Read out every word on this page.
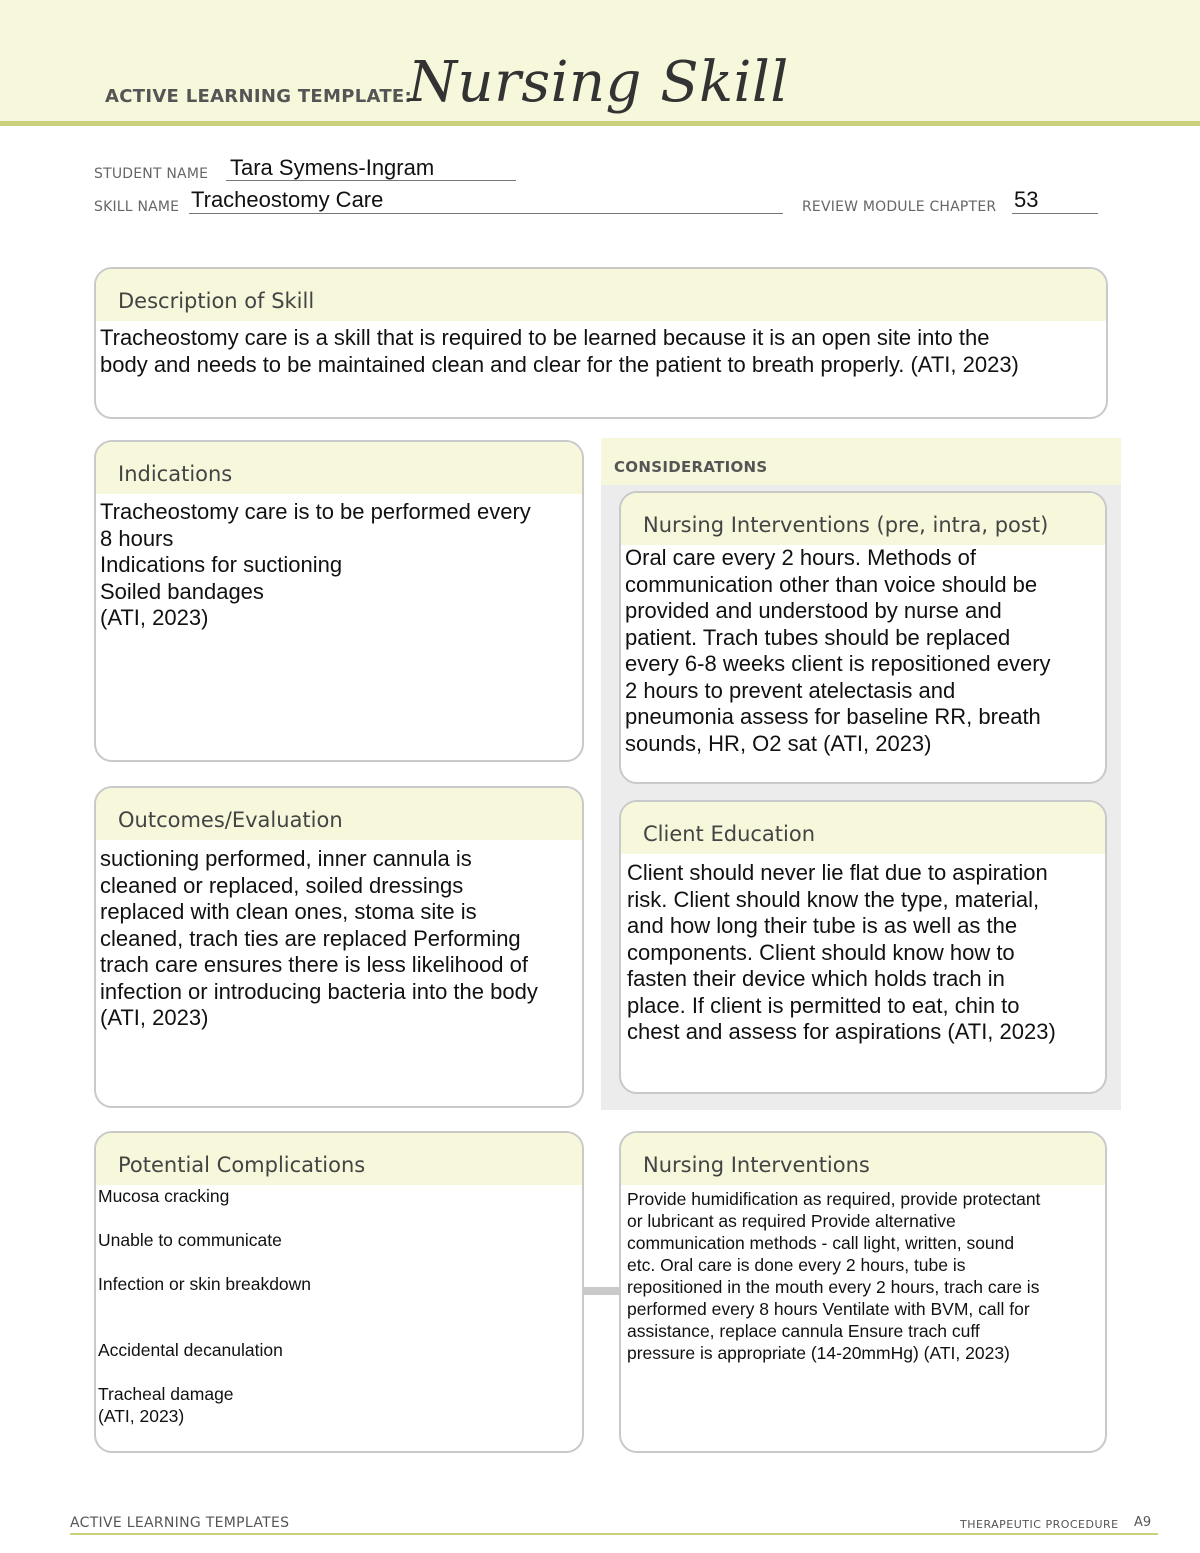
ACTIVE LEARNING TEMPLATE:
Nursing Skill
STUDENT NAME Tara Symens-Ingram
SKILL NAME Tracheostomy Care	REVIEW MODULE CHAPTER 53
Description of Skill
Tracheostomy care is a skill that is required to be learned because it is an open site into the
body and needs to be maintained clean and clear for the patient to breath properly. (ATI, 2023)
CONSIDERATIONS
Indications
Tracheostomy care is to be performed every
8 hours
Indications for suctioning
Soiled bandages
(ATI, 2023)
Nursing Interventions (pre, intra, post)
Oral care every 2 hours. Methods of
communication other than voice should be
provided and understood by nurse and
patient. Trach tubes should be replaced
every 6-8 weeks client is repositioned every
2 hours to prevent atelectasis and
pneumonia assess for baseline RR, breath
sounds, HR, O2 sat (ATI, 2023)
Outcomes/Evaluation
suctioning performed, inner cannula is
cleaned or replaced, soiled dressings
replaced with clean ones, stoma site is
cleaned, trach ties are replaced Performing
trach care ensures there is less likelihood of
infection or introducing bacteria into the body
(ATI, 2023)
Client Education
Client should never lie flat due to aspiration
risk. Client should know the type, material,
and how long their tube is as well as the
components. Client should know how to
fasten their device which holds trach in
place. If client is permitted to eat, chin to
chest and assess for aspirations (ATI, 2023)
Potential Complications
Mucosa cracking
Unable to communicate
Infection or skin breakdown
Accidental decanulation
Tracheal damage
(ATI, 2023)
Nursing Interventions
Provide humidification as required, provide protectant
or lubricant as required Provide alternative
communication methods - call light, written, sound
etc. Oral care is done every 2 hours, tube is
repositioned in the mouth every 2 hours, trach care is
performed every 8 hours Ventilate with BVM, call for
assistance, replace cannula Ensure trach cuff
pressure is appropriate (14-20mmHg) (ATI, 2023)
ACTIVE LEARNING TEMPLATES	THERAPEUTIC PROCEDURE A9
